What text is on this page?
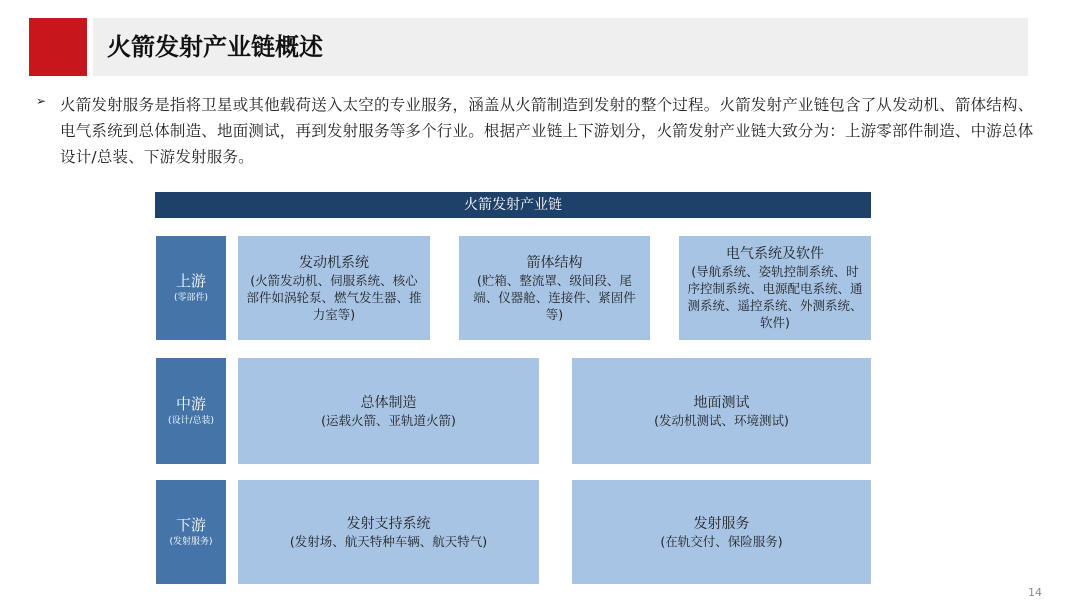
火箭发射产业链概述
➢ 火箭发射服务是指将卫星或其他载荷送入太空的专业服务，涵盖从火箭制造到发射的整个过程。火箭发射产业链包含了从发动机、箭体结构、电气系统到总体制造、地面测试，再到发射服务等多个行业。根据产业链上下游划分，火箭发射产业链大致分为：上游零部件制造、中游总体设计/总装、下游发射服务。
火箭发射产业链
上游
(零部件)
发动机系统
(火箭发动机、伺服系统、核心部件如涡轮泵、燃气发生器、推力室等)
箭体结构
(贮箱、整流罩、级间段、尾端、仪器舱、连接件、紧固件等)
电气系统及软件
(导航系统、姿轨控制系统、时序控制系统、电源配电系统、通测系统、遥控系统、外测系统、软件)
中游
(设计/总装)
总体制造
(运载火箭、亚轨道火箭)
地面测试
(发动机测试、环境测试)
下游
(发射服务)
发射支持系统
(发射场、航天特种车辆、航天特气)
发射服务
(在轨交付、保险服务)
14
